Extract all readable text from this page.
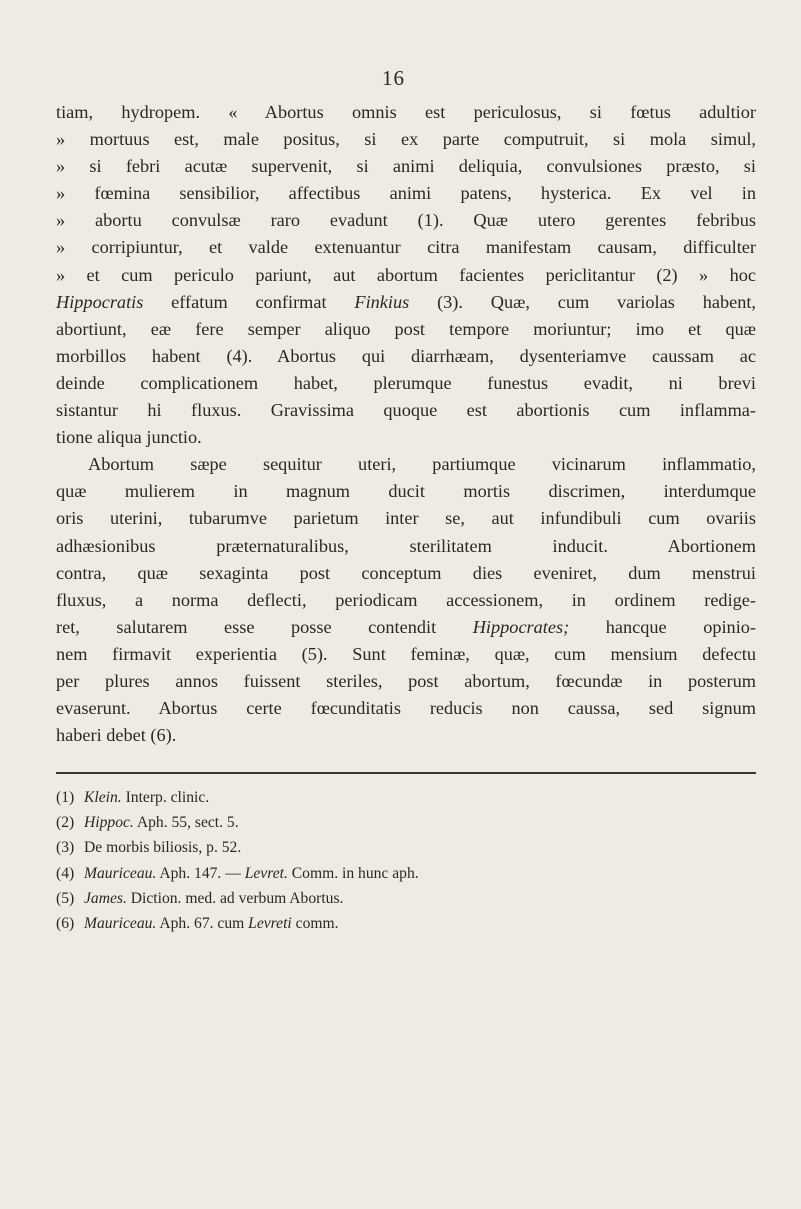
16

tiam, hydropem. « Abortus omnis est periculosus, si fœtus adultior
» mortuus est, male positus, si ex parte computruit, si mola simul,
» si febri acutæ supervenit, si animi deliquia, convulsiones præsto, si
» fœmina sensibilior, affectibus animi patens, hysterica. Ex vel in
» abortu convulsæ raro evadunt (1). Quæ utero gerentes febribus
» corripiuntur, et valde extenuantur citra manifestam causam, difficulter
» et cum periculo pariunt, aut abortum facientes periclitantur (2) » hoc
Hippocratis effatum confirmat Finkius (3). Quæ, cum variolas habent,
abortiunt, eæ fere semper aliquo post tempore moriuntur; imo et quæ
morbillos habent (4). Abortus qui diarrhæam, dysenteriamve caussam ac
deinde complicationem habet, plerumque funestus evadit, ni brevi
sistantur hi fluxus. Gravissima quoque est abortionis cum inflamma-
tione aliqua junctio.

Abortum sæpe sequitur uteri, partiumque vicinarum inflammatio,
quæ mulierem in magnum ducit mortis discrimen, interdumque
oris uterini, tubarumve parietum inter se, aut infundibuli cum ovariis
adhæsionibus præternaturalibus, sterilitatem inducit. Abortionem
contra, quæ sexaginta post conceptum dies eveniret, dum menstrui
fluxus, a norma deflecti, periodicam accessionem, in ordinem redige-
ret, salutarem esse posse contendit Hippocrates; hancque opinio-
nem firmavit experientia (5). Sunt feminæ, quæ, cum mensium defectu
per plures annos fuissent steriles, post abortum, fœcundæ in posterum
evaserunt. Abortus certe fœcunditatis reducis non caussa, sed signum
haberi debet (6).

(1) Klein. Interp. clinic.
(2) Hippoc. Aph. 55, sect. 5.
(3) De morbis biliosis, p. 52.
(4) Mauriceau. Aph. 147. — Levret. Comm. in hunc aph.
(5) James. Diction. med. ad verbum Abortus.
(6) Mauriceau. Aph. 67. cum Levreti comm.
